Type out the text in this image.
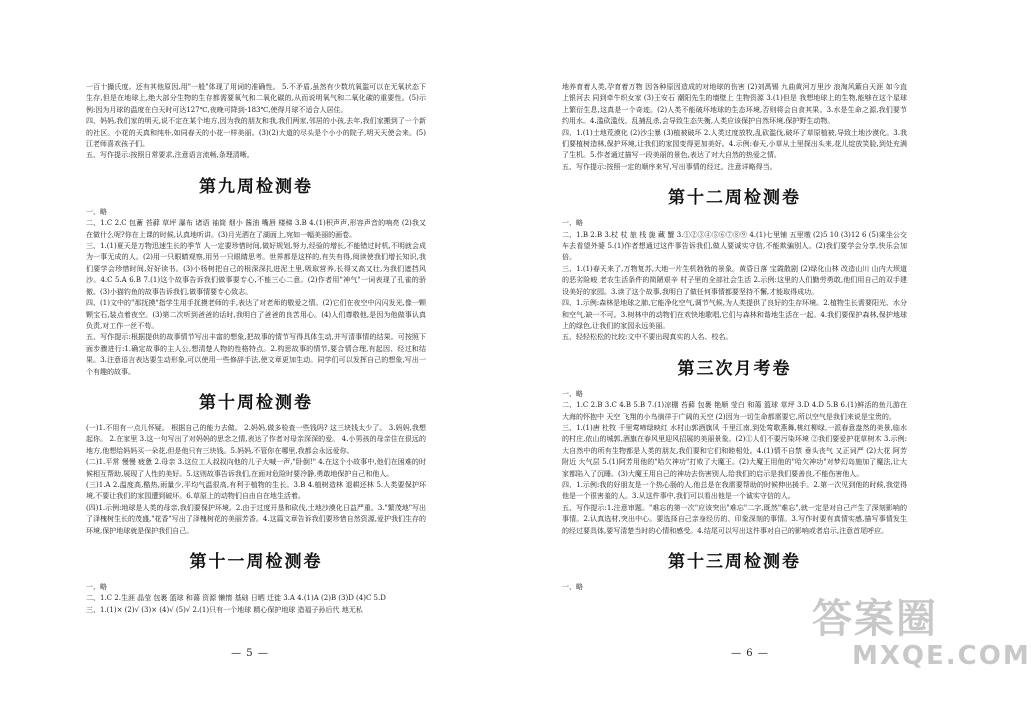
一百十撮氏度。还有其他原因,用"一般"体现了用词的准确性。 5.不矛盾,虽然有少数坑氧滥可以在无氧状态下生存,但是在地球上,绝大部分生物的生存都需要氧气和二氧化碳的,从而说明氧气和二氧化碳的重要性。(5)示例:因为月球的温度在白天时可达127℃,夜晚可降到-183℃,使得月球不适合人居住。

四、妈妈,我们家的明天,说不定在某个地方,因为我的朋友和我,我们两家,邻居的小孩,去年,我们家搬到了一个新的社区。小花的天真和纯朴,如同春天的小花一样美丽。(3)(2)大道的尽头是个小小的院子,明天天使会来。(5)江老师喜欢孩子们。

五、写作提示:按照日常要求,注意语言流畅,条理清晰。

第九周检测卷

一、略

二、1.C 2.C 包蓄 苔藓 草坪 瀑布 诸语 袖筒 烟小 酱油 嘴唇 楼梯 3.B 4.(1)积声声,形容声音的响亮 (2)我又在做什么呢?你在上课的时候,认真地听讲。(3)月光洒在了湖面上,宛如一幅美丽的画卷。

三、1.(1)夏天是万物迅速生长的季节 人一定要珍惜时间,做好规划,努力,经验的增长,不能错过时机,不明就会成为一事无成的人。(2)用一只眼睛观察,用另一只眼睛思考。世界都是这样的,有失有得,阅读使我们增长知识,我们要学会珍惜时间,好好读书。(3)小杨树把自己的根深深扎进泥土里,吸取营养,长得又高又壮,为我们遮挡风沙。4.C 5.A 6.B 7.(1)这个故事告诉我们做事要专心,不能三心二意。(2)作者用"神气"一词表现了孔雀的骄傲。(3)小猫钓鱼的故事告诉我们,做事情要专心致志。

四、(1)文中的"那抚摸"指学生用手抚摸老师的手,表达了对老师的敬爱之情。(2)它们在夜空中闪闪发光,像一颗颗宝石,装点着夜空。(3)第二次听到爸爸的话时,我明白了爸爸的良苦用心。(4)人们尊敬他,是因为他做事认真负责,对工作一丝不苟。

五、写作提示:根据提供的故事情节写出丰富的想象,把故事的情节写得具体生动,并写清事情的结果。可按照下面步骤进行:1.确定故事的主人公,想清楚人物的性格特点。2.构思故事的情节,要合情合理,有起因、经过和结果。3.注意语言表达要生动形象,可以使用一些修辞手法,使文章更加生动。同学们可以发挥自己的想象,写出一个有趣的故事。

第十周检测卷

(一)1.不用有一点儿怀疑。 根据自己的能力去做。 2.妈妈,做多检查一些钱吗? 这三块钱太少了。 3.妈妈,我想起你。 2.在家里 3.这一句写出了对妈妈的思念之情,表达了作者对母亲深深的爱。 4.小男孩的母亲住在很远的地方,他想给妈妈买一朵花,但是他只有三块钱。5.妈妈,不管你在哪里,我都会永远爱你。

(二)1.平常 慢慢 疲惫 2.母亲 3.这位工人叔叔向他的儿子大喊一声,"卧倒!" 4.在这个小故事中,他们在困难的时候相互帮助,展现了人性的美好。5.这则故事告诉我们,在面对危险时要冷静,勇敢地保护自己和他人。

(三)1.A 2.温度高,酷热,雨量少,平均气温很高,有利于植物的生长。3.B 4.植树造林 退耕还林 5.人类要保护环境,不要让我们的家园遭到破坏。6.草原上的动物们自由自在地生活着。

(四)1.示例:地球是人类的母亲,我们要保护环境。2.由于过度开垦和砍伐,土地沙漠化日益严重。3."繁茂地"写出了泽槐树生长的茂盛,"花香"写出了泽槐树花的美丽芳香。4.这篇文章告诉我们要珍惜自然资源,爱护我们生存的环境,保护地球就是保护我们自己。

第十一周检测卷

一、略

二、1.C 2.生涯 晶莹 包裹 篮球 和蔼 资源 懒惰 基础 日晒 迁徙 3.A 4.(1)A (2)B (3)D (4)C 5.D

三、1.(1)× (2)√ (3)× (4)√ (5)√ 2.(1)只有一个地球 精心保护地球 造福子孙后代 地无私

— 5 —

地养育着人类,孕育着万物 因各种原因造成的对地球的伤害 (2)刘禹锡 九曲黄河万里沙 浪淘风簸自天涯 如今直上银河去 同到牵牛织女家 (3)王安石 潮阳先生的墙壁上 生物资源 3.(1)但是 我想地球上的生物,能够在这个星球上繁衍生息,这真是一个奇迹。(2)人类不能破坏地球的生态环境,否则将会自食其果。3.水是生命之源,我们要节约用水。4.滥砍滥伐、乱捕乱杀,会导致生态失衡,人类应该保护自然环境,保护野生动物。

四、1.(1)土地荒漠化 (2)沙尘暴 (3)植被破坏 2.人类过度放牧,乱砍滥伐,破坏了草原植被,导致土地沙漠化。3.我们要植树造林,保护环境,让我们的家园变得更加美好。4.示例:春天,小草从土里探出头来,花儿绽放笑脸,到处充满了生机。5.作者通过描写一段美丽的景色,表达了对大自然的热爱之情。

五、写作提示:按照一定的顺序来写,写出事情的经过。注意详略得当。

第十二周检测卷

一、略

二、1.B 2.B 3.杖 杖 旅 栈 旎 藏 蟹 3.①②③④⑤⑥⑦⑧⑨ 4.(1)七里铺 五里墩 (2)5 10 (3)12 6 (5)乘坐公交车去看望外婆 5.(1)作者想通过这件事告诉我们,做人要诚实守信,不能欺骗别人。(2)我们要学会分享,快乐会加倍。

三、1.(1)春天来了,万物复苏,大地一片生机勃勃的景象。黄昏日落 宝霞散剧 (2)绿化山林 改造山川 山内大坝道的恶劣险峻 老农生活条件的简陋艰辛 村子里的全部社会生活 2.示例:这里的人们勤劳勇敢,他们用自己的双手建设美好的家园。3.读了这个故事,我明白了做任何事情都要坚持不懈,才能取得成功。

四、1.示例:森林是地球之肺,它能净化空气,调节气候,为人类提供了良好的生存环境。2.植物生长需要阳光、水分和空气,缺一不可。3.树林中的动物们在欢快地歌唱,它们与森林和谐地生活在一起。4.我们要保护森林,保护地球上的绿色,让我们的家园永远美丽。

五、轻轻松松的比较:文中不要出现真实的人名、校名。

第三次月考卷

一、略

二、1.C 2.B 3.C 4.B 5.B 7.(1)凉棚 苔藓 包裹 艳顺 莹白 和蔼 篮球 草坪 3.D 4.D 5.B 6.(1)鲜活的鱼儿游在大海的怀抱中 天空 飞翔的小鸟徜徉于广阔的天空 (2)因为一切生命都需要它,所以空气是我们来说是宝贵的。

三、1.(1)唐 杜牧 千里莺啼绿映红 水村山郭酒旗风 千里江南,到处莺歌燕舞,桃红柳绿,一派春意盎然的美景,临水的村庄,依山的城郭,酒旗在春风里迎风招展的美丽景象。(2)①人们不要污染环境 ②我们要爱护花草树木 3.示例:大自然中的所有生物都是人类的朋友,我们要和它们和睦相处。4.(1)情不自禁 垂头丧气 又正词严 (2)大花 阿芳 附近 大气层 5.(1)阿芳用他的"哈欠神功"打败了大魔王。(2)大魔王用他的"哈欠神功"对梦幻岛施加了魔法,让大家都陷入了沉睡。(3)大魔王用自己的神功去伤害别人,给我们的启示是我们要善良,不能伤害他人。

四、1.示例:我的好朋友是一个热心肠的人,他总是在我需要帮助的时候伸出援手。2.第一次见到他的时候,我觉得他是一个很害羞的人。3.从这件事中,我们可以看出他是一个诚实守信的人。

五、写作提示:1.注意审题。"难忘的第一次"应该突出"难忘"二字,既然"难忘",就一定是对自己产生了深刻影响的事情。2.认真选材,突出中心。要选择自己亲身经历的、印象深刻的事情。3.写作时要有真情实感,描写事情发生的经过要具体,要写清楚当时的心情和感受。4.结尾可以写出这件事对自己的影响或者启示,注意首尾呼应。

第十三周检测卷

一、略

— 6 —
答案圈
MXQE.COM
